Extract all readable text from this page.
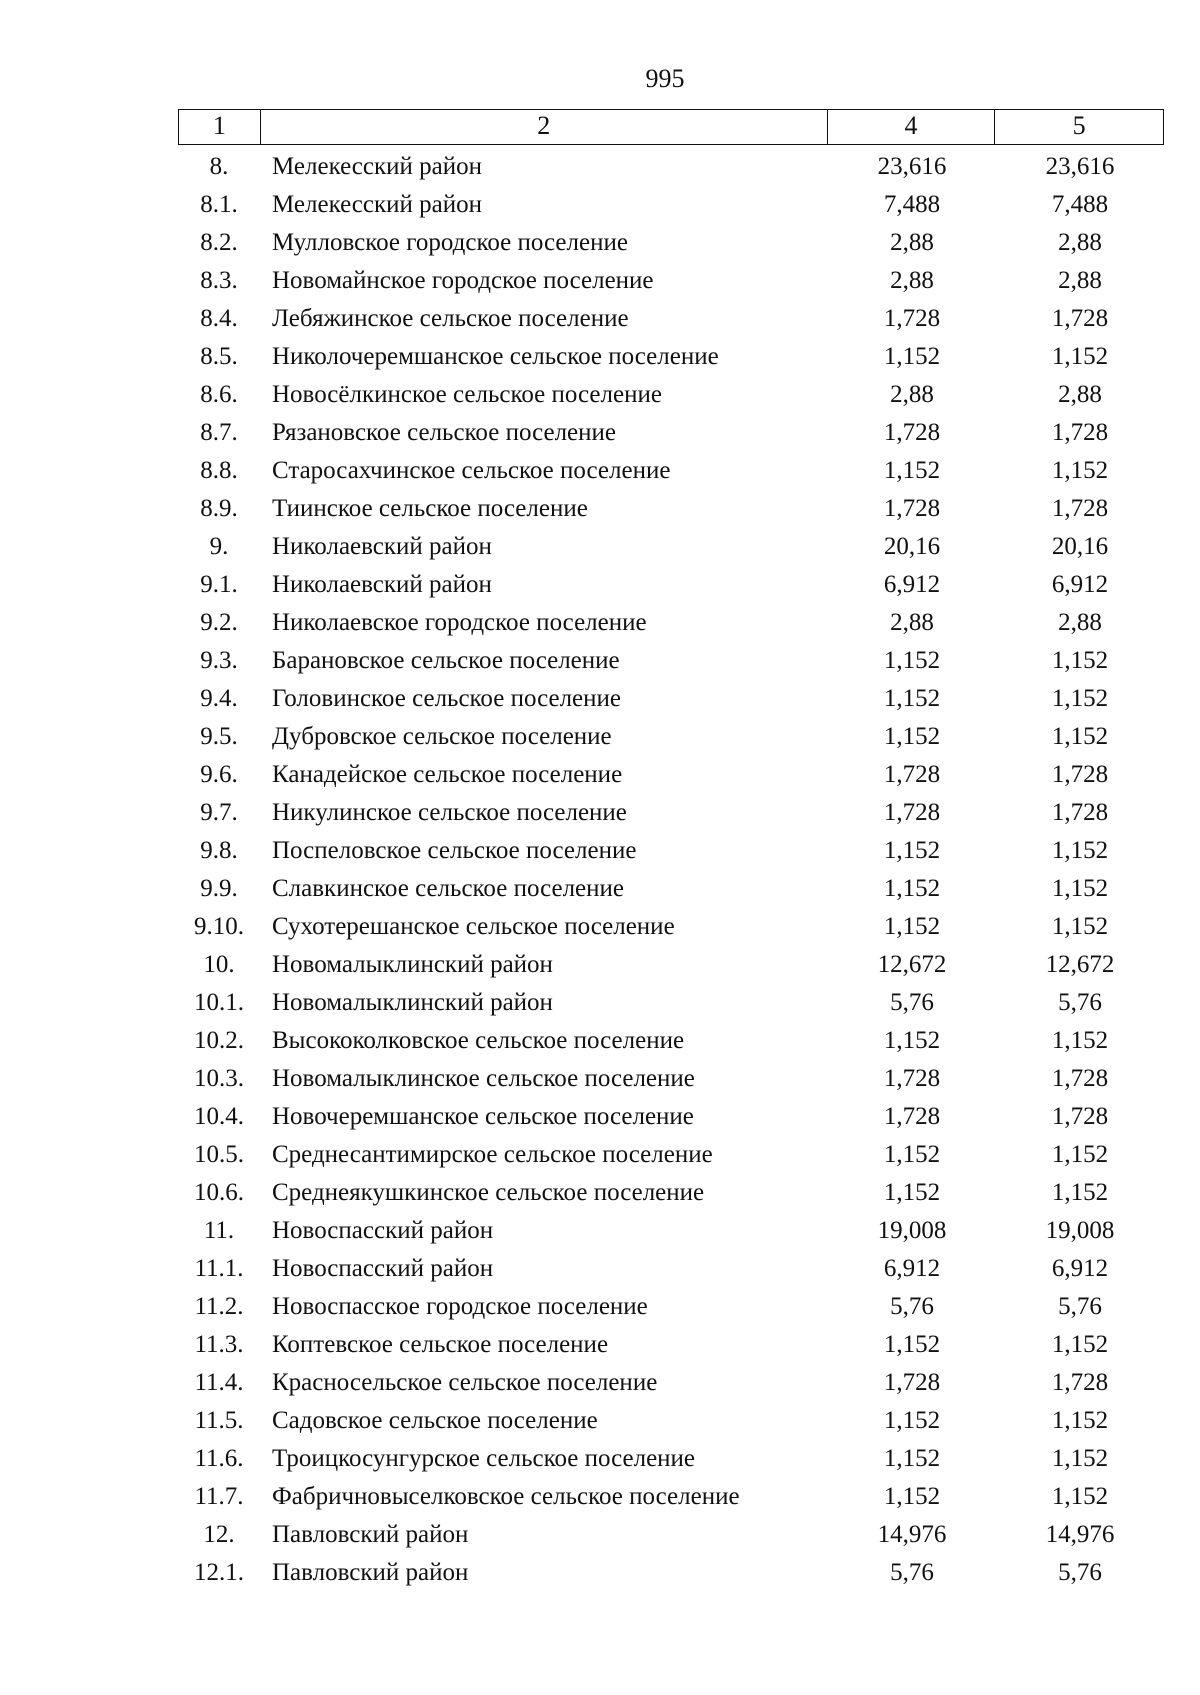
995
1	2	4	5
8.	Мелекесский район	23,616	23,616
8.1.	Мелекесский район	7,488	7,488
8.2.	Мулловское городское поселение	2,88	2,88
8.3.	Новомайнское городское поселение	2,88	2,88
8.4.	Лебяжинское сельское поселение	1,728	1,728
8.5.	Николочеремшанское сельское поселение	1,152	1,152
8.6.	Новосёлкинское сельское поселение	2,88	2,88
8.7.	Рязановское сельское поселение	1,728	1,728
8.8.	Старосахчинское сельское поселение	1,152	1,152
8.9.	Тиинское сельское поселение	1,728	1,728
9.	Николаевский район	20,16	20,16
9.1.	Николаевский район	6,912	6,912
9.2.	Николаевское городское поселение	2,88	2,88
9.3.	Барановское сельское поселение	1,152	1,152
9.4.	Головинское сельское поселение	1,152	1,152
9.5.	Дубровское сельское поселение	1,152	1,152
9.6.	Канадейское сельское поселение	1,728	1,728
9.7.	Никулинское сельское поселение	1,728	1,728
9.8.	Поспеловское сельское поселение	1,152	1,152
9.9.	Славкинское сельское поселение	1,152	1,152
9.10.	Сухотерешанское сельское поселение	1,152	1,152
10.	Новомалыклинский район	12,672	12,672
10.1.	Новомалыклинский район	5,76	5,76
10.2.	Высококолковское сельское поселение	1,152	1,152
10.3.	Новомалыклинское сельское поселение	1,728	1,728
10.4.	Новочеремшанское сельское поселение	1,728	1,728
10.5.	Среднесантимирское сельское поселение	1,152	1,152
10.6.	Среднеякушкинское сельское поселение	1,152	1,152
11.	Новоспасский район	19,008	19,008
11.1.	Новоспасский район	6,912	6,912
11.2.	Новоспасское городское поселение	5,76	5,76
11.3.	Коптевское сельское поселение	1,152	1,152
11.4.	Красносельское сельское поселение	1,728	1,728
11.5.	Садовское сельское поселение	1,152	1,152
11.6.	Троицкосунгурское сельское поселение	1,152	1,152
11.7.	Фабричновыселковское сельское поселение	1,152	1,152
12.	Павловский район	14,976	14,976
12.1.	Павловский район	5,76	5,76
